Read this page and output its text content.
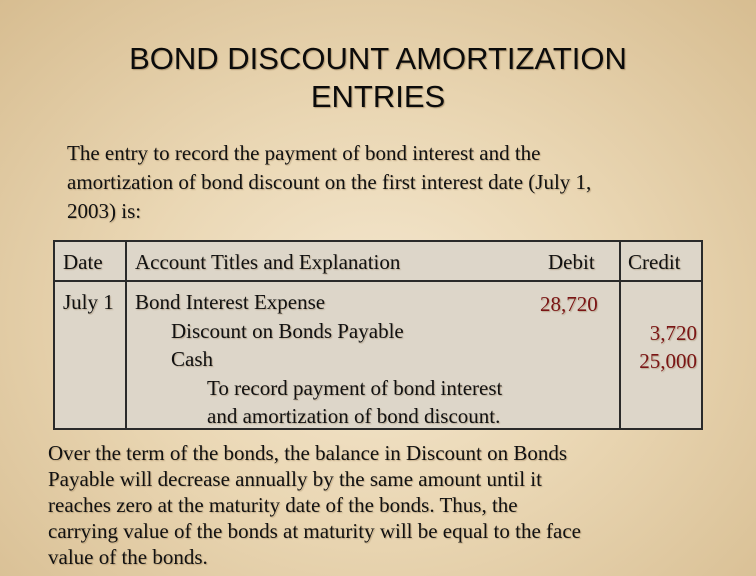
BOND DISCOUNT AMORTIZATION
ENTRIES
The entry to record the payment of bond interest and the
amortization of bond discount on the first interest date (July 1,
2003) is:
Date Account Titles and Explanation	Debit Credit
July 1 Bond Interest Expense
Discount on Bonds Payable
Cash
To record payment of bond interest
and amortization of bond discount.
28,720
3,720
25,000
Over the term of the bonds, the balance in Discount on Bonds
Payable will decrease annually by the same amount until it
reaches zero at the maturity date of the bonds. Thus, the
carrying value of the bonds at maturity will be equal to the face
value of the bonds.
